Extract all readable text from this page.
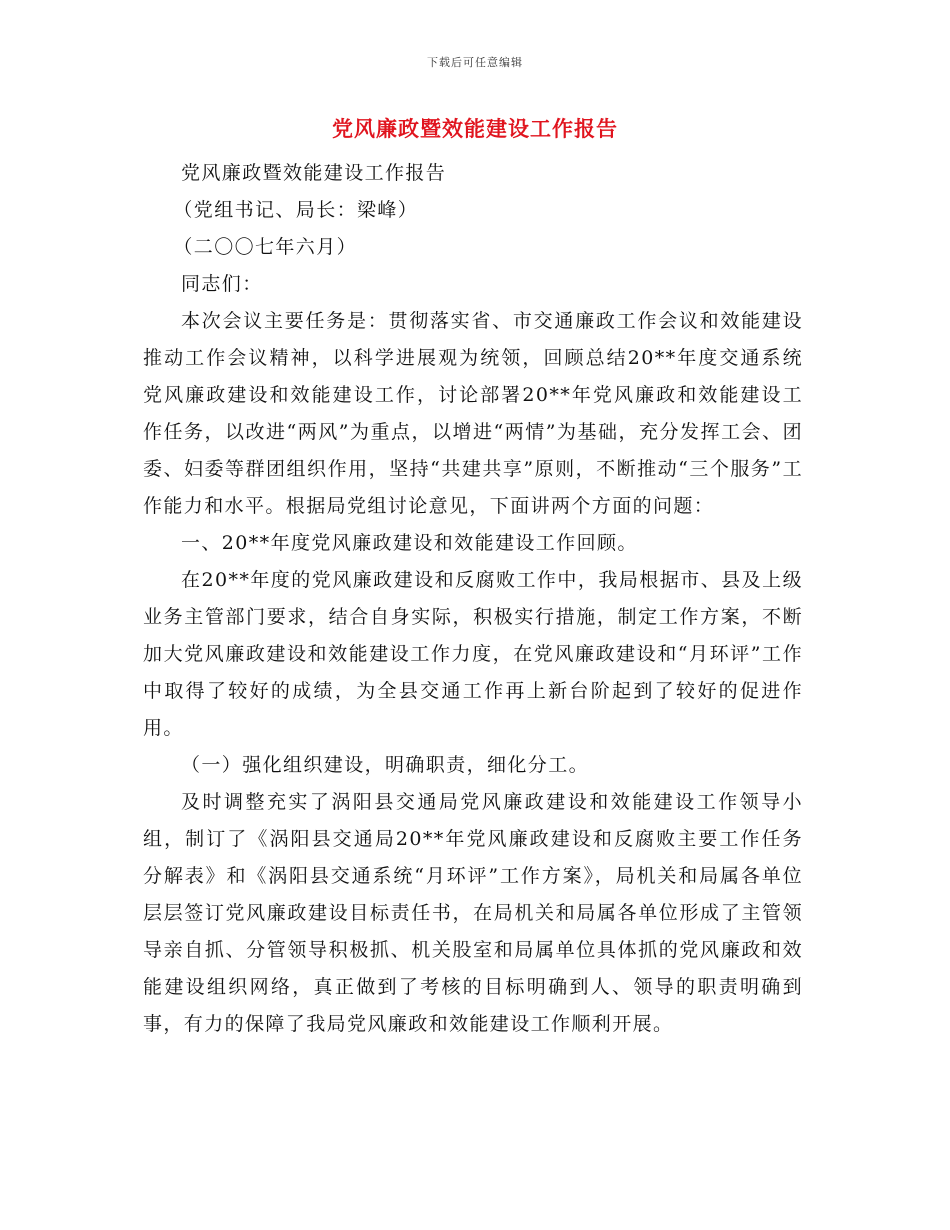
下载后可任意编辑
党风廉政暨效能建设工作报告

党风廉政暨效能建设工作报告

（党组书记、局长：梁峰）

（二〇〇七年六月）

同志们：

本次会议主要任务是：贯彻落实省、市交通廉政工作会议和效能建设推动工作会议精神，以科学进展观为统领，回顾总结20**年度交通系统党风廉政建设和效能建设工作，讨论部署20**年党风廉政和效能建设工作任务，以改进“两风”为重点，以增进“两情”为基础，充分发挥工会、团委、妇委等群团组织作用，坚持“共建共享”原则，不断推动“三个服务”工作能力和水平。根据局党组讨论意见，下面讲两个方面的问题：

一、20**年度党风廉政建设和效能建设工作回顾。

在20**年度的党风廉政建设和反腐败工作中，我局根据市、县及上级业务主管部门要求，结合自身实际，积极实行措施，制定工作方案，不断加大党风廉政建设和效能建设工作力度，在党风廉政建设和“月环评”工作中取得了较好的成绩，为全县交通工作再上新台阶起到了较好的促进作用。

（一）强化组织建设，明确职责，细化分工。

及时调整充实了涡阳县交通局党风廉政建设和效能建设工作领导小组，制订了《涡阳县交通局20**年党风廉政建设和反腐败主要工作任务分解表》和《涡阳县交通系统“月环评”工作方案》，局机关和局属各单位层层签订党风廉政建设目标责任书，在局机关和局属各单位形成了主管领导亲自抓、分管领导积极抓、机关股室和局属单位具体抓的党风廉政和效能建设组织网络，真正做到了考核的目标明确到人、领导的职责明确到事，有力的保障了我局党风廉政和效能建设工作顺利开展。
